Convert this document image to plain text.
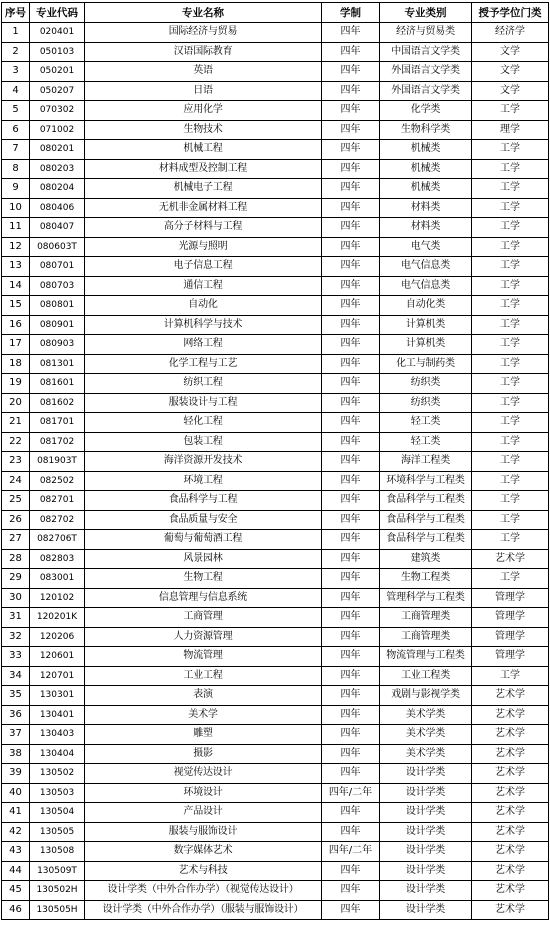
序号	专业代码	专业名称	学制	专业类别	授予学位门类
1	020401	国际经济与贸易	四年	经济与贸易类	经济学
2	050103	汉语国际教育	四年	中国语言文学类	文学
3	050201	英语	四年	外国语言文学类	文学
4	050207	日语	四年	外国语言文学类	文学
5	070302	应用化学	四年	化学类	工学
6	071002	生物技术	四年	生物科学类	理学
7	080201	机械工程	四年	机械类	工学
8	080203	材料成型及控制工程	四年	机械类	工学
9	080204	机械电子工程	四年	机械类	工学
10	080406	无机非金属材料工程	四年	材料类	工学
11	080407	高分子材料与工程	四年	材料类	工学
12	080603T	光源与照明	四年	电气类	工学
13	080701	电子信息工程	四年	电气信息类	工学
14	080703	通信工程	四年	电气信息类	工学
15	080801	自动化	四年	自动化类	工学
16	080901	计算机科学与技术	四年	计算机类	工学
17	080903	网络工程	四年	计算机类	工学
18	081301	化学工程与工艺	四年	化工与制药类	工学
19	081601	纺织工程	四年	纺织类	工学
20	081602	服装设计与工程	四年	纺织类	工学
21	081701	轻化工程	四年	轻工类	工学
22	081702	包装工程	四年	轻工类	工学
23	081903T	海洋资源开发技术	四年	海洋工程类	工学
24	082502	环境工程	四年	环境科学与工程类	工学
25	082701	食品科学与工程	四年	食品科学与工程类	工学
26	082702	食品质量与安全	四年	食品科学与工程类	工学
27	082706T	葡萄与葡萄酒工程	四年	食品科学与工程类	工学
28	082803	风景园林	四年	建筑类	艺术学
29	083001	生物工程	四年	生物工程类	工学
30	120102	信息管理与信息系统	四年	管理科学与工程类	管理学
31	120201K	工商管理	四年	工商管理类	管理学
32	120206	人力资源管理	四年	工商管理类	管理学
33	120601	物流管理	四年	物流管理与工程类	管理学
34	120701	工业工程	四年	工业工程类	工学
35	130301	表演	四年	戏剧与影视学类	艺术学
36	130401	美术学	四年	美术学类	艺术学
37	130403	雕塑	四年	美术学类	艺术学
38	130404	摄影	四年	美术学类	艺术学
39	130502	视觉传达设计	四年	设计学类	艺术学
40	130503	环境设计	四年/二年	设计学类	艺术学
41	130504	产品设计	四年	设计学类	艺术学
42	130505	服装与服饰设计	四年	设计学类	艺术学
43	130508	数字媒体艺术	四年/二年	设计学类	艺术学
44	130509T	艺术与科技	四年	设计学类	艺术学
45	130502H	设计学类（中外合作办学）（视觉传达设计）	四年	设计学类	艺术学
46	130505H	设计学类（中外合作办学）（服装与服饰设计）	四年	设计学类	艺术学
